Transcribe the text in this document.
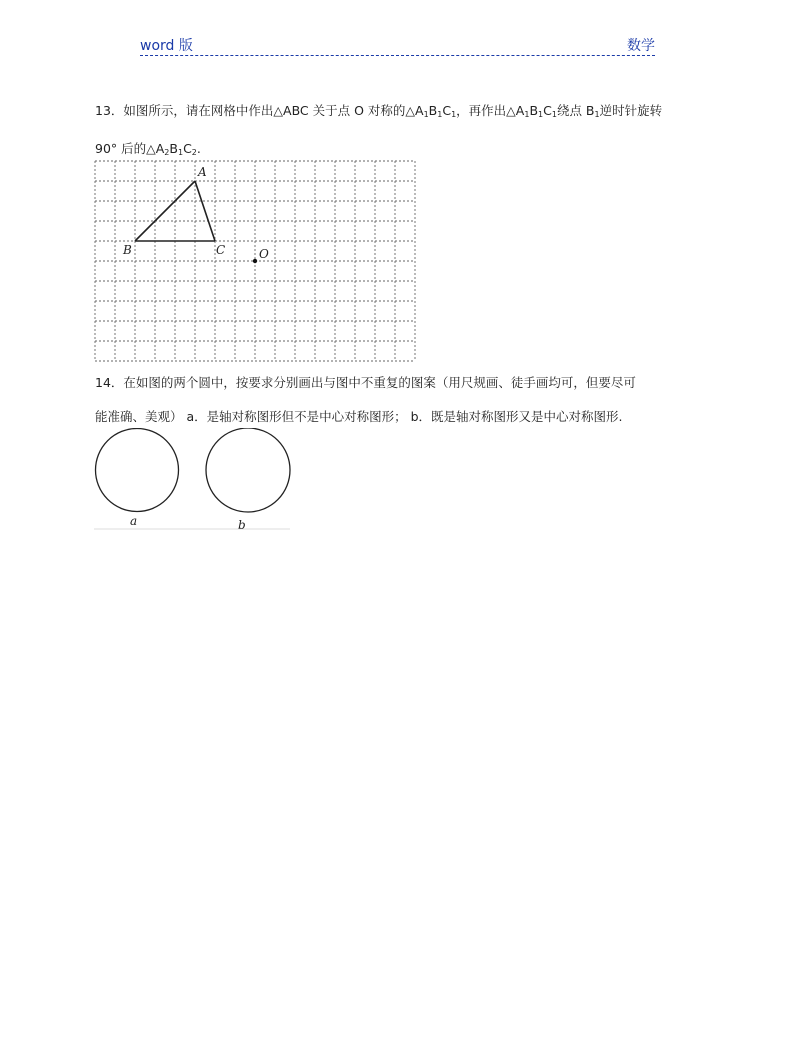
word 版	数学
13．如图所示，请在网格中作出△ABC 关于点 O 对称的$\triangle A_1B_1C_1$，再作出$\triangle A_1B_1C_1$绕点 $B_1$逆时针旋转
90° 后的$\triangle A_2B_1C_2$.
A
B	C	O
14．在如图的两个圆中，按要求分别画出与图中不重复的图案（用尺规画、徒手画均可，但要尽可
能准确、美观） a．是轴对称图形但不是中心对称图形； b．既是轴对称图形又是中心对称图形.
a	b
